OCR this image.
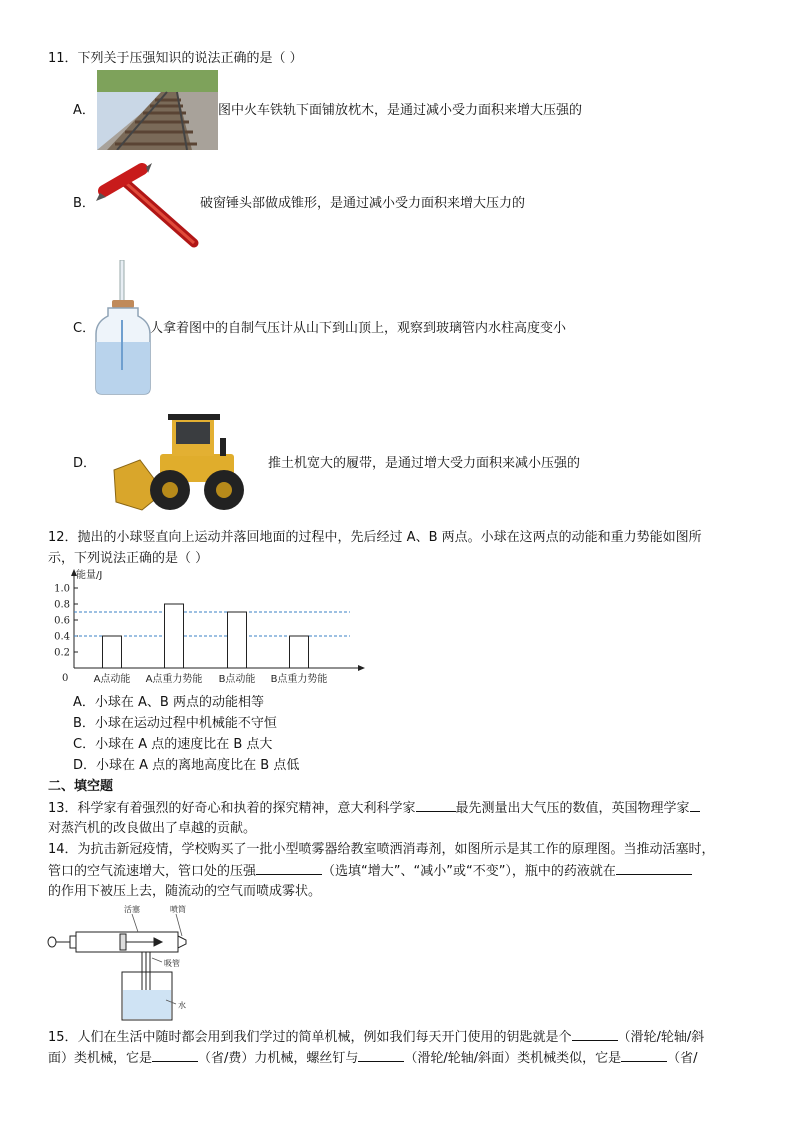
11．下列关于压强知识的说法正确的是（ ）
A．	图中火车铁轨下面铺放枕木，是通过减小受力面积来增大压强的
B．	破窗锤头部做成锥形，是通过减小受力面积来增大压力的
C．	人拿着图中的自制气压计从山下到山顶上，观察到玻璃管内水柱高度变小
D．	推土机宽大的履带，是通过增大受力面积来减小压强的
12．抛出的小球竖直向上运动并落回地面的过程中，先后经过 A、B 两点。小球在这两点的动能和重力势能如图所
示，下列说法正确的是（ ）
能量/J
0
0.2
0.4
0.6
0.8
1.0
A点动能 A点重力势能 B点动能 B点重力势能
A．小球在 A、B 两点的动能相等
B．小球在运动过程中机械能不守恒
C．小球在 A 点的速度比在 B 点大
D．小球在 A 点的离地高度比在 B 点低
二、填空题
13．科学家有着强烈的好奇心和执着的探究精神，意大利科学家	最先测量出大气压的数值，英国物理学家
对蒸汽机的改良做出了卓越的贡献。
14．为抗击新冠疫情，学校购买了一批小型喷雾器给教室喷洒消毒剂，如图所示是其工作的原理图。当推动活塞时，
管口的空气流速增大，管口处的压强	（选填“增大”、“减小”或“不变”），瓶中的药液就在
的作用下被压上去，随流动的空气而喷成雾状。
活塞	喷筒
吸管
水
15．人们在生活中随时都会用到我们学过的简单机械，例如我们每天开门使用的钥匙就是个	（滑轮/轮轴/斜
面）类机械，它是	（省/费）力机械，螺丝钉与	（滑轮/轮轴/斜面）类机械类似，它是	（省/
